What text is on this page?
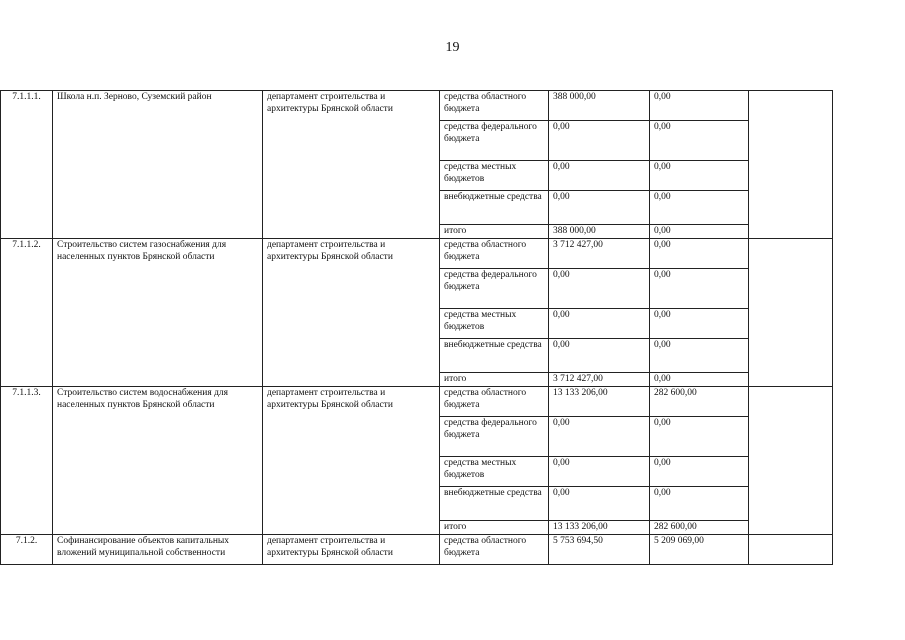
19
7.1.1.1.	Школа н.п. Зерново, Суземский район	департамент строительства и архитектуры Брянской области	средства областного бюджета	388 000,00	0,00	
			средства федерального бюджета	0,00	0,00	
			средства местных бюджетов	0,00	0,00	
			внебюджетные средства	0,00	0,00	
			итого	388 000,00	0,00	
7.1.1.2.	Строительство систем газоснабжения для населенных пунктов Брянской области	департамент строительства и архитектуры Брянской области	средства областного бюджета	3 712 427,00	0,00	
			средства федерального бюджета	0,00	0,00	
			средства местных бюджетов	0,00	0,00	
			внебюджетные средства	0,00	0,00	
			итого	3 712 427,00	0,00	
7.1.1.3.	Строительство систем водоснабжения для населенных пунктов Брянской области	департамент строительства и архитектуры Брянской области	средства областного бюджета	13 133 206,00	282 600,00	
			средства федерального бюджета	0,00	0,00	
			средства местных бюджетов	0,00	0,00	
			внебюджетные средства	0,00	0,00	
			итого	13 133 206,00	282 600,00	
7.1.2.	Софинансирование объектов капитальных вложений муниципальной собственности	департамент строительства и архитектуры Брянской области	средства областного бюджета	5 753 694,50	5 209 069,00	
